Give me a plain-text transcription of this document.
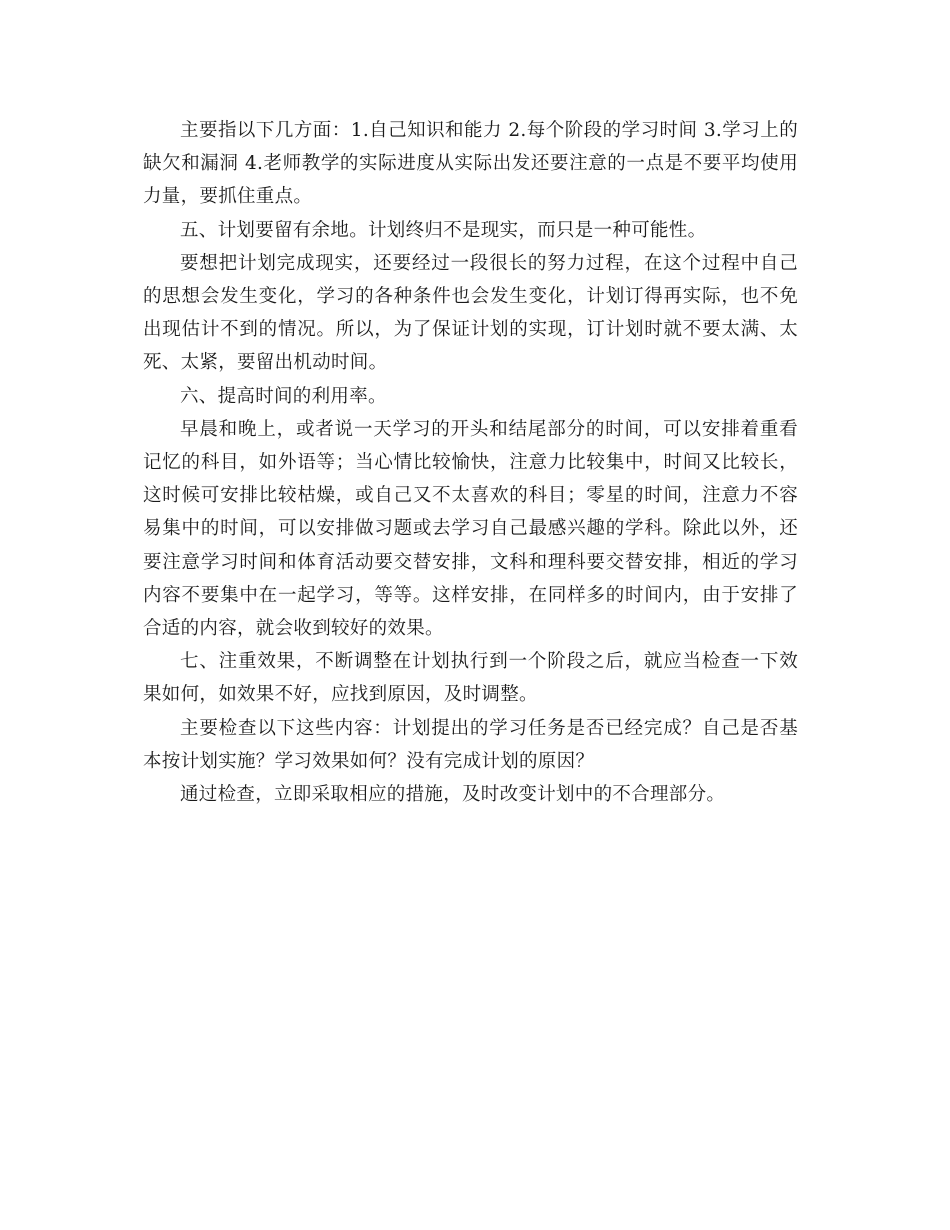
主要指以下几方面：1.自己知识和能力 2.每个阶段的学习时间 3.学习上的缺欠和漏洞 4.老师教学的实际进度从实际出发还要注意的一点是不要平均使用力量，要抓住重点。

五、计划要留有余地。计划终归不是现实，而只是一种可能性。

要想把计划完成现实，还要经过一段很长的努力过程，在这个过程中自己的思想会发生变化，学习的各种条件也会发生变化，计划订得再实际，也不免出现估计不到的情况。所以，为了保证计划的实现，订计划时就不要太满、太死、太紧，要留出机动时间。

六、提高时间的利用率。

早晨和晚上，或者说一天学习的开头和结尾部分的时间，可以安排着重看记忆的科目，如外语等；当心情比较愉快，注意力比较集中，时间又比较长，这时候可安排比较枯燥，或自己又不太喜欢的科目；零星的时间，注意力不容易集中的时间，可以安排做习题或去学习自己最感兴趣的学科。除此以外，还要注意学习时间和体育活动要交替安排，文科和理科要交替安排，相近的学习内容不要集中在一起学习，等等。这样安排，在同样多的时间内，由于安排了合适的内容，就会收到较好的效果。

七、注重效果，不断调整在计划执行到一个阶段之后，就应当检查一下效果如何，如效果不好，应找到原因，及时调整。

主要检查以下这些内容：计划提出的学习任务是否已经完成？自己是否基本按计划实施？学习效果如何？没有完成计划的原因？

通过检查，立即采取相应的措施，及时改变计划中的不合理部分。
